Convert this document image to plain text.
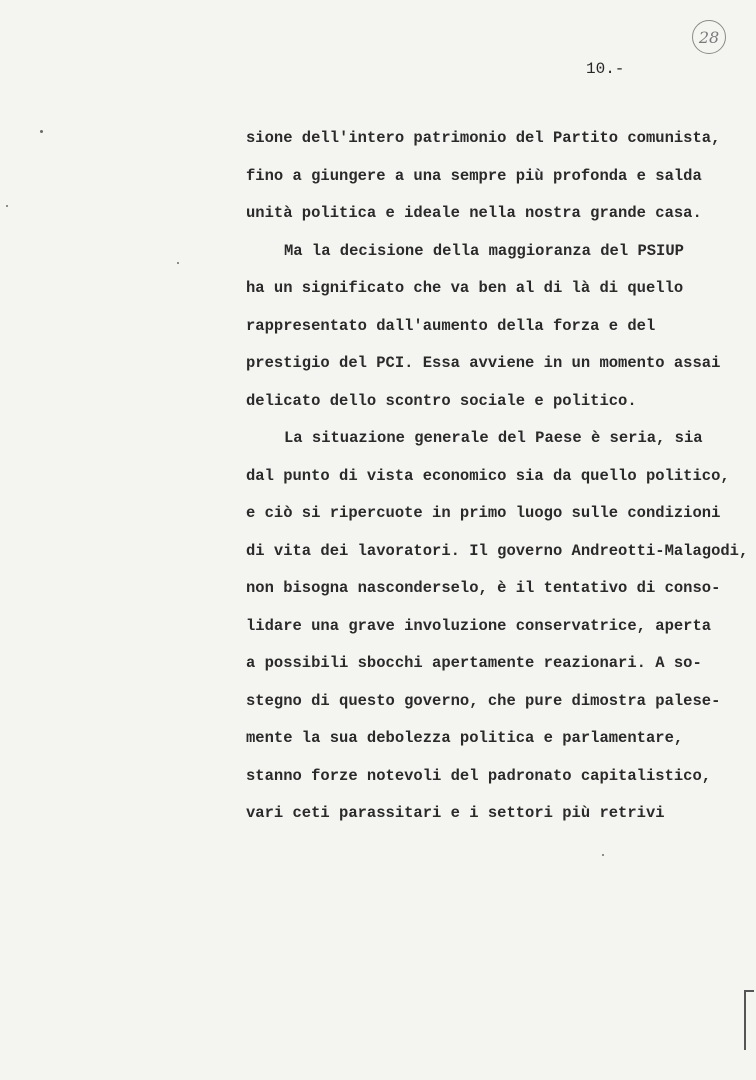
28
10.-
sione dell'intero patrimonio del Partito comunista,
fino a giungere a una sempre più profonda e salda
unità politica e ideale nella nostra grande casa.
Ma la decisione della maggioranza del PSIUP
ha un significato che va ben al di là di quello
rappresentato dall'aumento della forza e del
prestigio del PCI. Essa avviene in un momento assai
delicato dello scontro sociale e politico.
La situazione generale del Paese è seria, sia
dal punto di vista economico sia da quello politico,
e ciò si ripercuote in primo luogo sulle condizioni
di vita dei lavoratori. Il governo Andreotti-Malagodi,
non bisogna nasconderselo, è il tentativo di conso-
lidare una grave involuzione conservatrice, aperta
a possibili sbocchi apertamente reazionari. A so-
stegno di questo governo, che pure dimostra palese-
mente la sua debolezza politica e parlamentare,
stanno forze notevoli del padronato capitalistico,
vari ceti parassitari e i settori più retrivi
